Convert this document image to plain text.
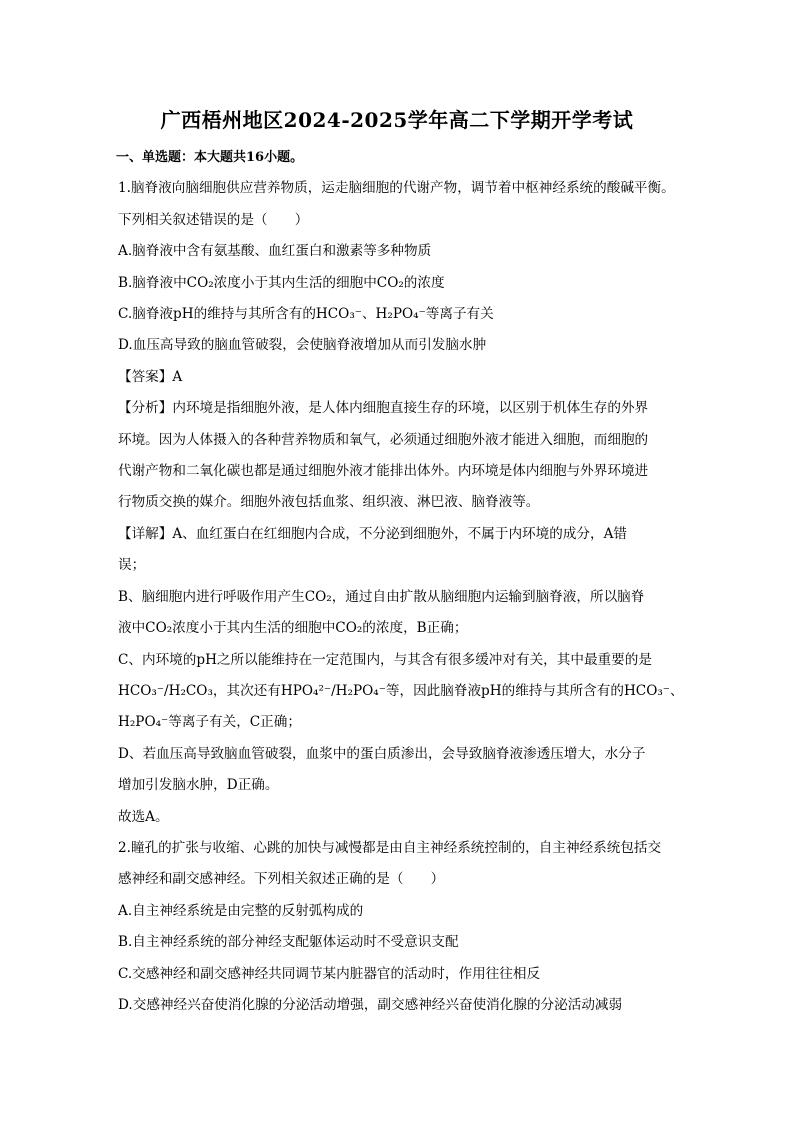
广西梧州地区2024-2025学年高二下学期开学考试
一、单选题：本大题共16小题。
1.脑脊液向脑细胞供应营养物质，运走脑细胞的代谢产物，调节着中枢神经系统的酸碱平衡。
下列相关叙述错误的是（　　）
A.脑脊液中含有氨基酸、血红蛋白和激素等多种物质
B.脑脊液中CO₂浓度小于其内生活的细胞中CO₂的浓度
C.脑脊液pH的维持与其所含有的HCO₃⁻、H₂PO₄⁻等离子有关
D.血压高导致的脑血管破裂，会使脑脊液增加从而引发脑水肿
【答案】A
【分析】内环境是指细胞外液，是人体内细胞直接生存的环境，以区别于机体生存的外界
环境。因为人体摄入的各种营养物质和氧气，必须通过细胞外液才能进入细胞，而细胞的
代谢产物和二氧化碳也都是通过细胞外液才能排出体外。内环境是体内细胞与外界环境进
行物质交换的媒介。细胞外液包括血浆、组织液、淋巴液、脑脊液等。
【详解】A、血红蛋白在红细胞内合成，不分泌到细胞外，不属于内环境的成分，A错
误；
B、脑细胞内进行呼吸作用产生CO₂，通过自由扩散从脑细胞内运输到脑脊液，所以脑脊
液中CO₂浓度小于其内生活的细胞中CO₂的浓度，B正确；
C、内环境的pH之所以能维持在一定范围内，与其含有很多缓冲对有关，其中最重要的是
HCO₃⁻/H₂CO₃，其次还有HPO₄²⁻/H₂PO₄⁻等，因此脑脊液pH的维持与其所含有的HCO₃⁻、
H₂PO₄⁻等离子有关，C正确；
D、若血压高导致脑血管破裂，血浆中的蛋白质渗出，会导致脑脊液渗透压增大，水分子
增加引发脑水肿，D正确。
故选A。
2.瞳孔的扩张与收缩、心跳的加快与减慢都是由自主神经系统控制的，自主神经系统包括交
感神经和副交感神经。下列相关叙述正确的是（　　）
A.自主神经系统是由完整的反射弧构成的
B.自主神经系统的部分神经支配躯体运动时不受意识支配
C.交感神经和副交感神经共同调节某内脏器官的活动时，作用往往相反
D.交感神经兴奋使消化腺的分泌活动增强，副交感神经兴奋使消化腺的分泌活动减弱
